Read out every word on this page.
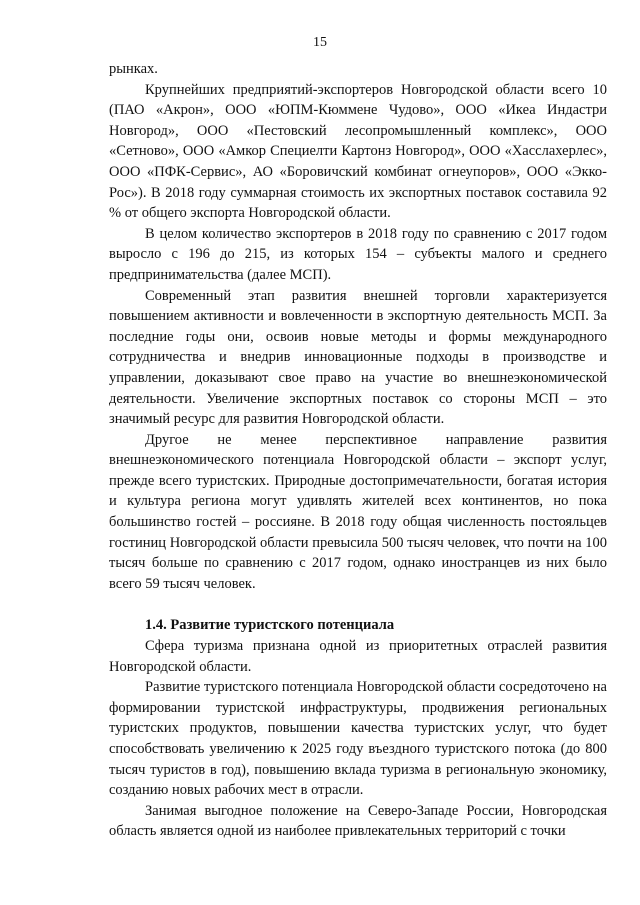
15

рынках.

Крупнейших предприятий-экспортеров Новгородской области всего 10 (ПАО «Акрон», ООО «ЮПМ-Кюммене Чудово», ООО «Икеа Индастри Новгород», ООО «Пестовский лесопромышленный комплекс», ООО «Сетново», ООО «Амкор Специелти Картонз Новгород», ООО «Хасслахерлес», ООО «ПФК-Сервис», АО «Боровичский комбинат огнеупоров», ООО «Экко-Рос»). В 2018 году суммарная стоимость их экспортных поставок составила 92 % от общего экспорта Новгородской области.

В целом количество экспортеров в 2018 году по сравнению с 2017 годом выросло с 196 до 215, из которых 154 – субъекты малого и среднего предпринимательства (далее МСП).

Современный этап развития внешней торговли характеризуется повышением активности и вовлеченности в экспортную деятельность МСП. За последние годы они, освоив новые методы и формы международного сотрудничества и внедрив инновационные подходы в производстве и управлении, доказывают свое право на участие во внешнеэкономической деятельности. Увеличение экспортных поставок со стороны МСП – это значимый ресурс для развития Новгородской области.

Другое не менее перспективное направление развития внешнеэкономического потенциала Новгородской области – экспорт услуг, прежде всего туристских. Природные достопримечательности, богатая история и культура региона могут удивлять жителей всех континентов, но пока большинство гостей – россияне. В 2018 году общая численность постояльцев гостиниц Новгородской области превысила 500 тысяч человек, что почти на 100 тысяч больше по сравнению с 2017 годом, однако иностранцев из них было всего 59 тысяч человек.

1.4. Развитие туристского потенциала

Сфера туризма признана одной из приоритетных отраслей развития Новгородской области.

Развитие туристского потенциала Новгородской области сосредоточено на формировании туристской инфраструктуры, продвижения региональных туристских продуктов, повышении качества туристских услуг, что будет способствовать увеличению к 2025 году въездного туристского потока (до 800 тысяч туристов в год), повышению вклада туризма в региональную экономику, созданию новых рабочих мест в отрасли.

Занимая выгодное положение на Северо-Западе России, Новгородская область является одной из наиболее привлекательных территорий с точки
